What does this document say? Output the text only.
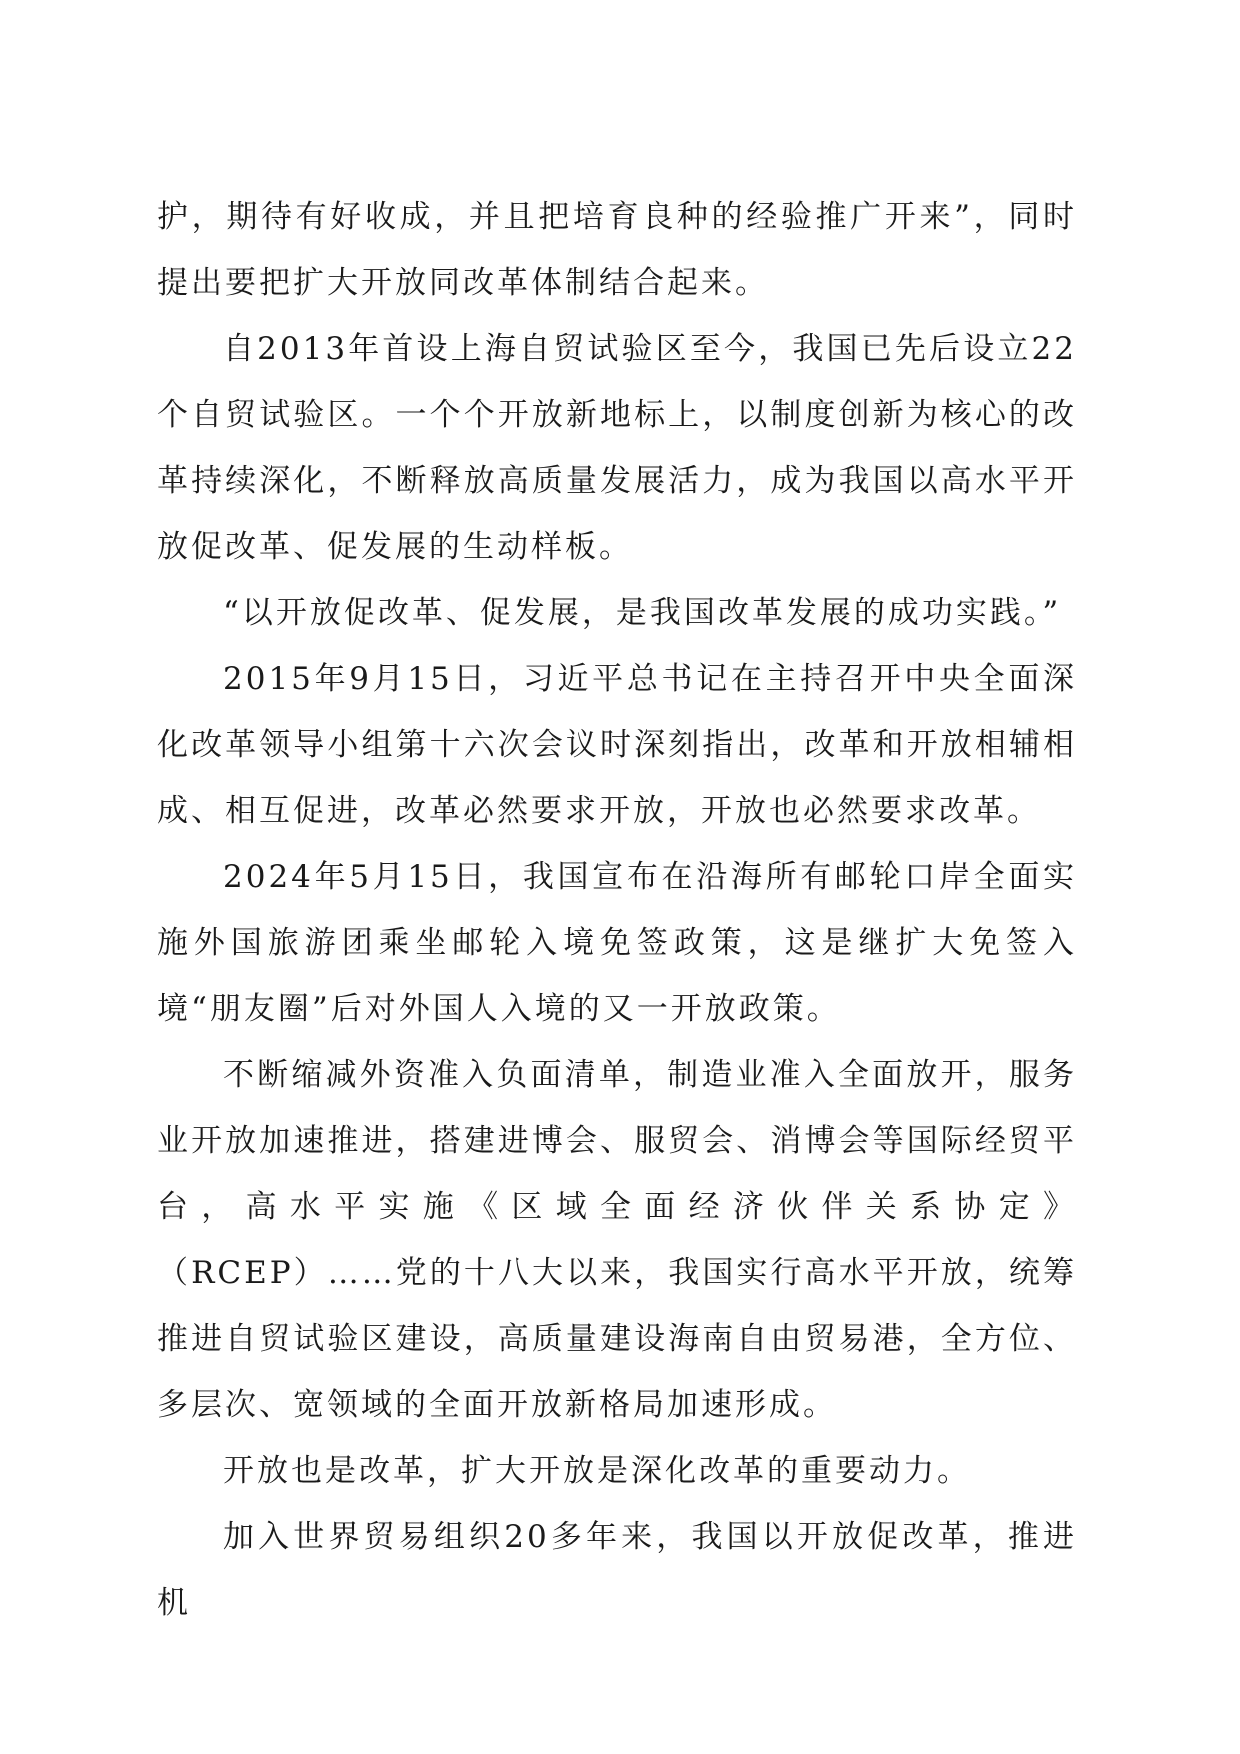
护，期待有好收成，并且把培育良种的经验推广开来”，同时提出要把扩大开放同改革体制结合起来。

自2013年首设上海自贸试验区至今，我国已先后设立22个自贸试验区。一个个开放新地标上，以制度创新为核心的改革持续深化，不断释放高质量发展活力，成为我国以高水平开放促改革、促发展的生动样板。

“以开放促改革、促发展，是我国改革发展的成功实践。”

2015年9月15日，习近平总书记在主持召开中央全面深化改革领导小组第十六次会议时深刻指出，改革和开放相辅相成、相互促进，改革必然要求开放，开放也必然要求改革。

2024年5月15日，我国宣布在沿海所有邮轮口岸全面实施外国旅游团乘坐邮轮入境免签政策，这是继扩大免签入境“朋友圈”后对外国人入境的又一开放政策。

不断缩减外资准入负面清单，制造业准入全面放开，服务业开放加速推进，搭建进博会、服贸会、消博会等国际经贸平台，高水平实施《区域全面经济伙伴关系协定》（RCEP）……党的十八大以来，我国实行高水平开放，统筹推进自贸试验区建设，高质量建设海南自由贸易港，全方位、多层次、宽领域的全面开放新格局加速形成。

开放也是改革，扩大开放是深化改革的重要动力。

加入世界贸易组织20多年来，我国以开放促改革，推进机
